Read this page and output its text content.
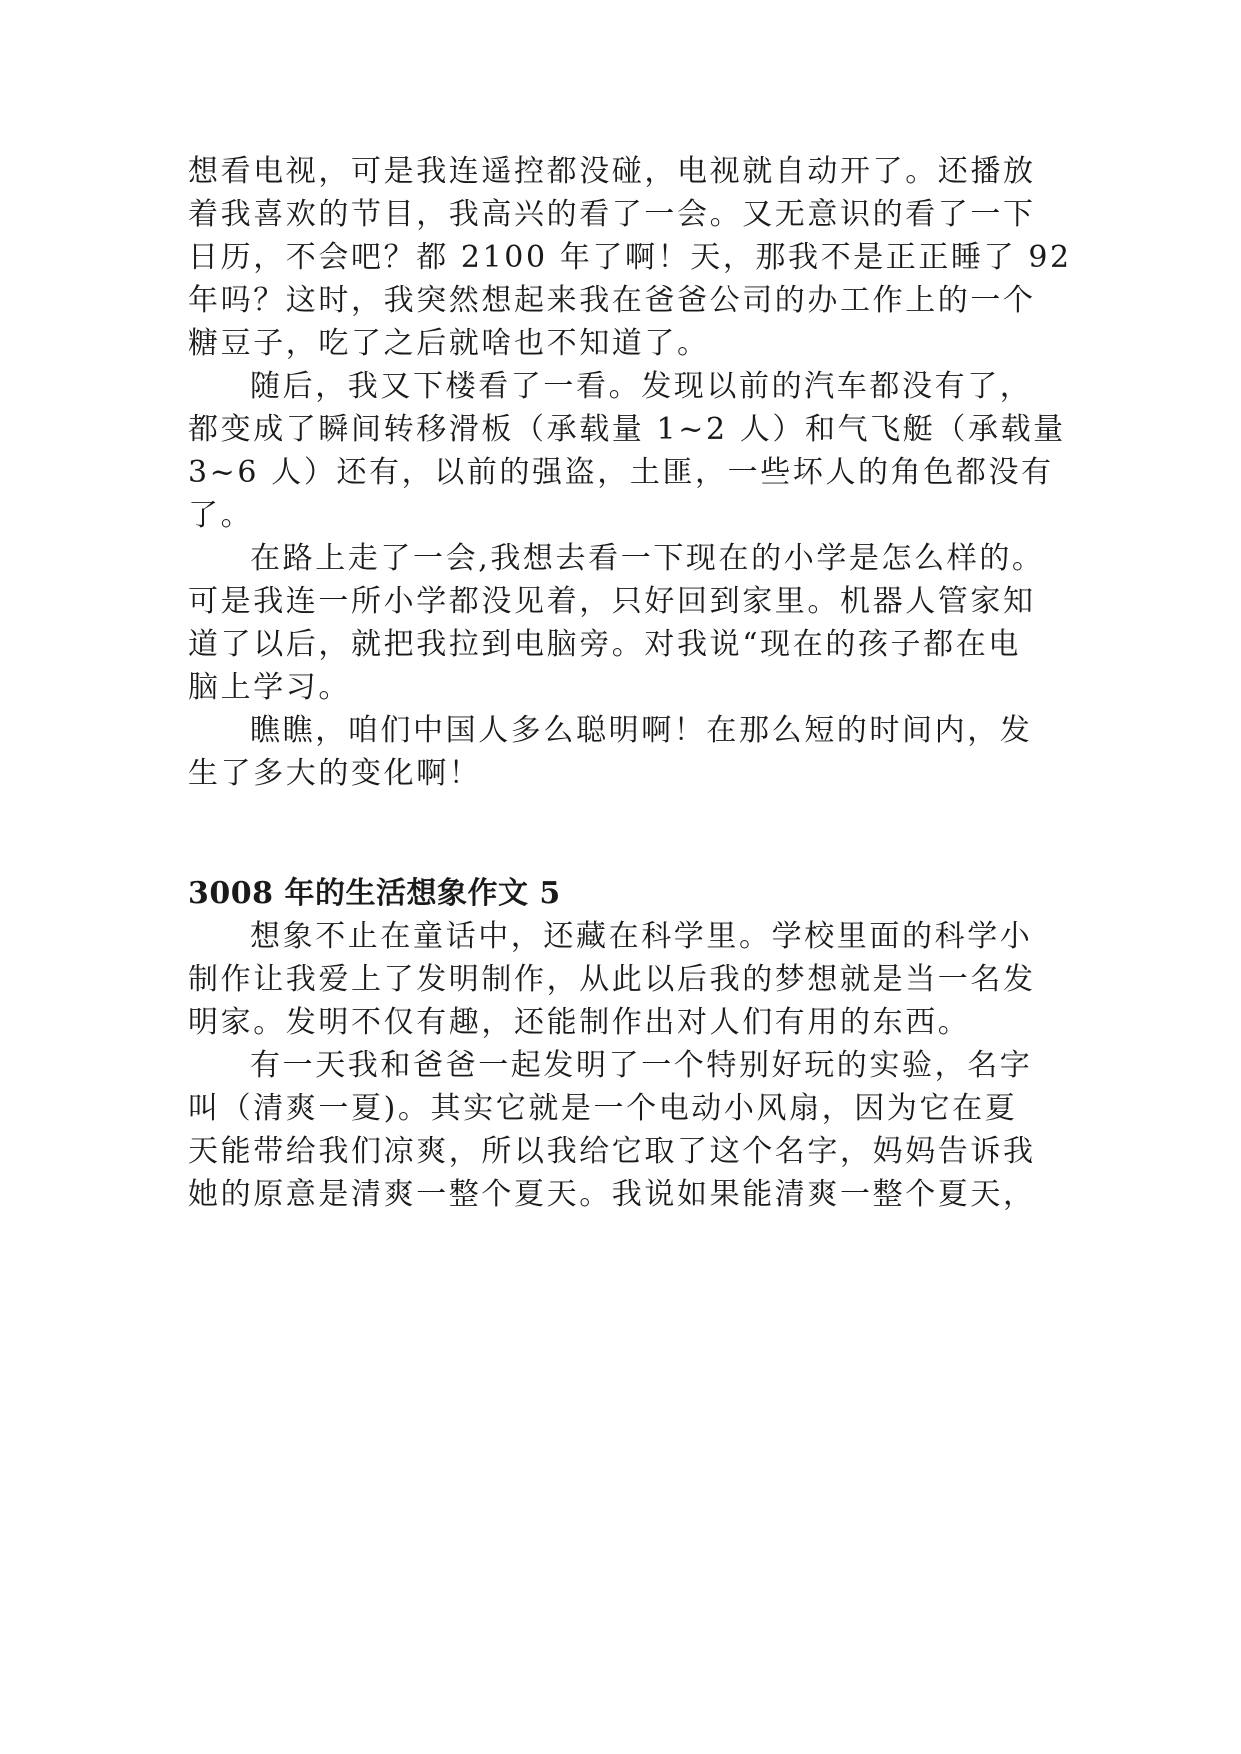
想看电视，可是我连遥控都没碰，电视就自动开了。还播放

着我喜欢的节目，我高兴的看了一会。又无意识的看了一下

日历，不会吧？都 2100 年了啊！天，那我不是正正睡了 92

年吗？这时，我突然想起来我在爸爸公司的办工作上的一个

糖豆子，吃了之后就啥也不知道了。

随后，我又下楼看了一看。发现以前的汽车都没有了，

都变成了瞬间转移滑板（承载量 1~2 人）和气飞艇（承载量

3~6 人）还有，以前的强盗，土匪，一些坏人的角色都没有

了。

在路上走了一会,我想去看一下现在的小学是怎么样的。

可是我连一所小学都没见着，只好回到家里。机器人管家知

道了以后，就把我拉到电脑旁。对我说“现在的孩子都在电

脑上学习。

瞧瞧，咱们中国人多么聪明啊！在那么短的时间内，发

生了多大的变化啊！

3008 年的生活想象作文 5

想象不止在童话中，还藏在科学里。学校里面的科学小

制作让我爱上了发明制作，从此以后我的梦想就是当一名发

明家。发明不仅有趣，还能制作出对人们有用的东西。

有一天我和爸爸一起发明了一个特别好玩的实验，名字

叫（清爽一夏)。其实它就是一个电动小风扇，因为它在夏

天能带给我们凉爽，所以我给它取了这个名字，妈妈告诉我

她的原意是清爽一整个夏天。我说如果能清爽一整个夏天，
